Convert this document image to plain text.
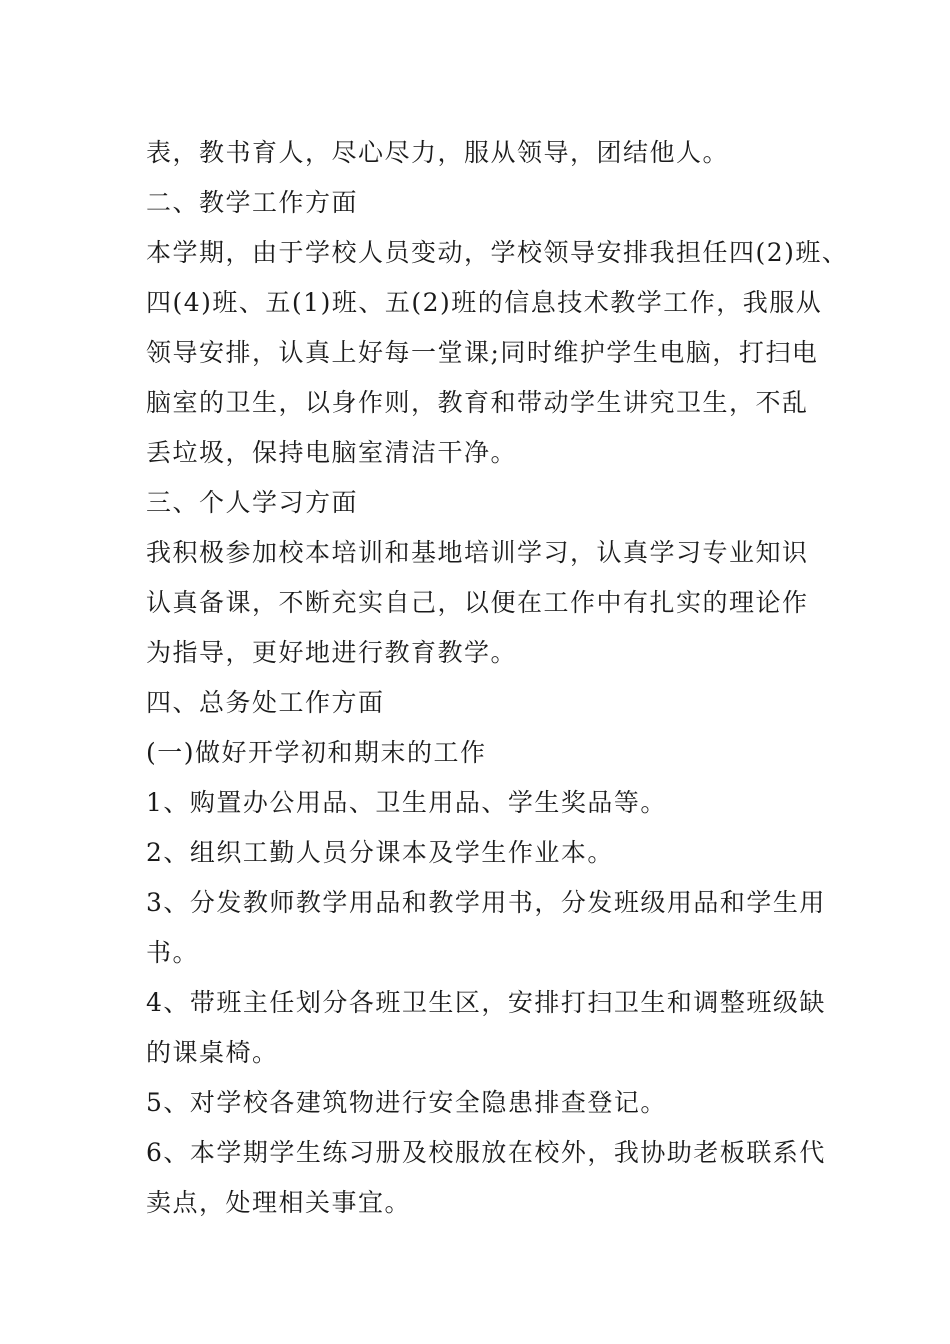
表，教书育人，尽心尽力，服从领导，团结他人。
二、教学工作方面
本学期，由于学校人员变动，学校领导安排我担任四(2)班、
四(4)班、五(1)班、五(2)班的信息技术教学工作，我服从
领导安排，认真上好每一堂课;同时维护学生电脑，打扫电
脑室的卫生，以身作则，教育和带动学生讲究卫生，不乱
丢垃圾，保持电脑室清洁干净。
三、个人学习方面
我积极参加校本培训和基地培训学习，认真学习专业知识
认真备课，不断充实自己，以便在工作中有扎实的理论作
为指导，更好地进行教育教学。
四、总务处工作方面
(一)做好开学初和期末的工作
1、购置办公用品、卫生用品、学生奖品等。
2、组织工勤人员分课本及学生作业本。
3、分发教师教学用品和教学用书，分发班级用品和学生用
书。
4、带班主任划分各班卫生区，安排打扫卫生和调整班级缺
的课桌椅。
5、对学校各建筑物进行安全隐患排查登记。
6、本学期学生练习册及校服放在校外，我协助老板联系代
卖点，处理相关事宜。
